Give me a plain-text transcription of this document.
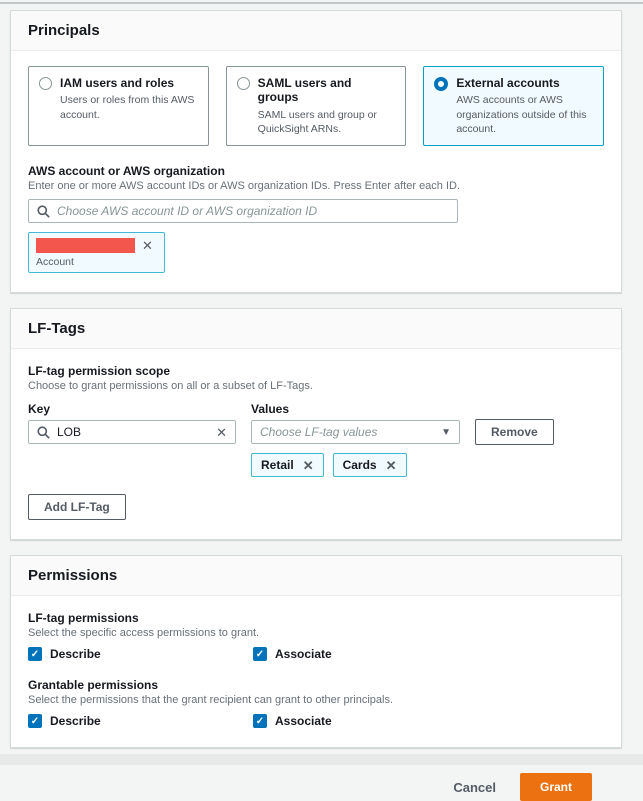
Principals
IAM users and roles
Users or roles from this AWS account.
SAML users and groups
SAML users and group or QuickSight ARNs.
External accounts
AWS accounts or AWS organizations outside of this account.
AWS account or AWS organization
Enter one or more AWS account IDs or AWS organization IDs. Press Enter after each ID.
Choose AWS account ID or AWS organization ID
✕
Account
LF-Tags
LF-tag permission scope
Choose to grant permissions on all or a subset of LF-Tags.
Key
LOB	✕
Values
Choose LF-tag values	▼
Retail ✕ Cards ✕
Remove
Add LF-Tag
Permissions
LF-tag permissions
Select the specific access permissions to grant.
✓ Describe	✓ Associate
Grantable permissions
Select the permissions that the grant recipient can grant to other principals.
✓ Describe	✓ Associate
Cancel	Grant
